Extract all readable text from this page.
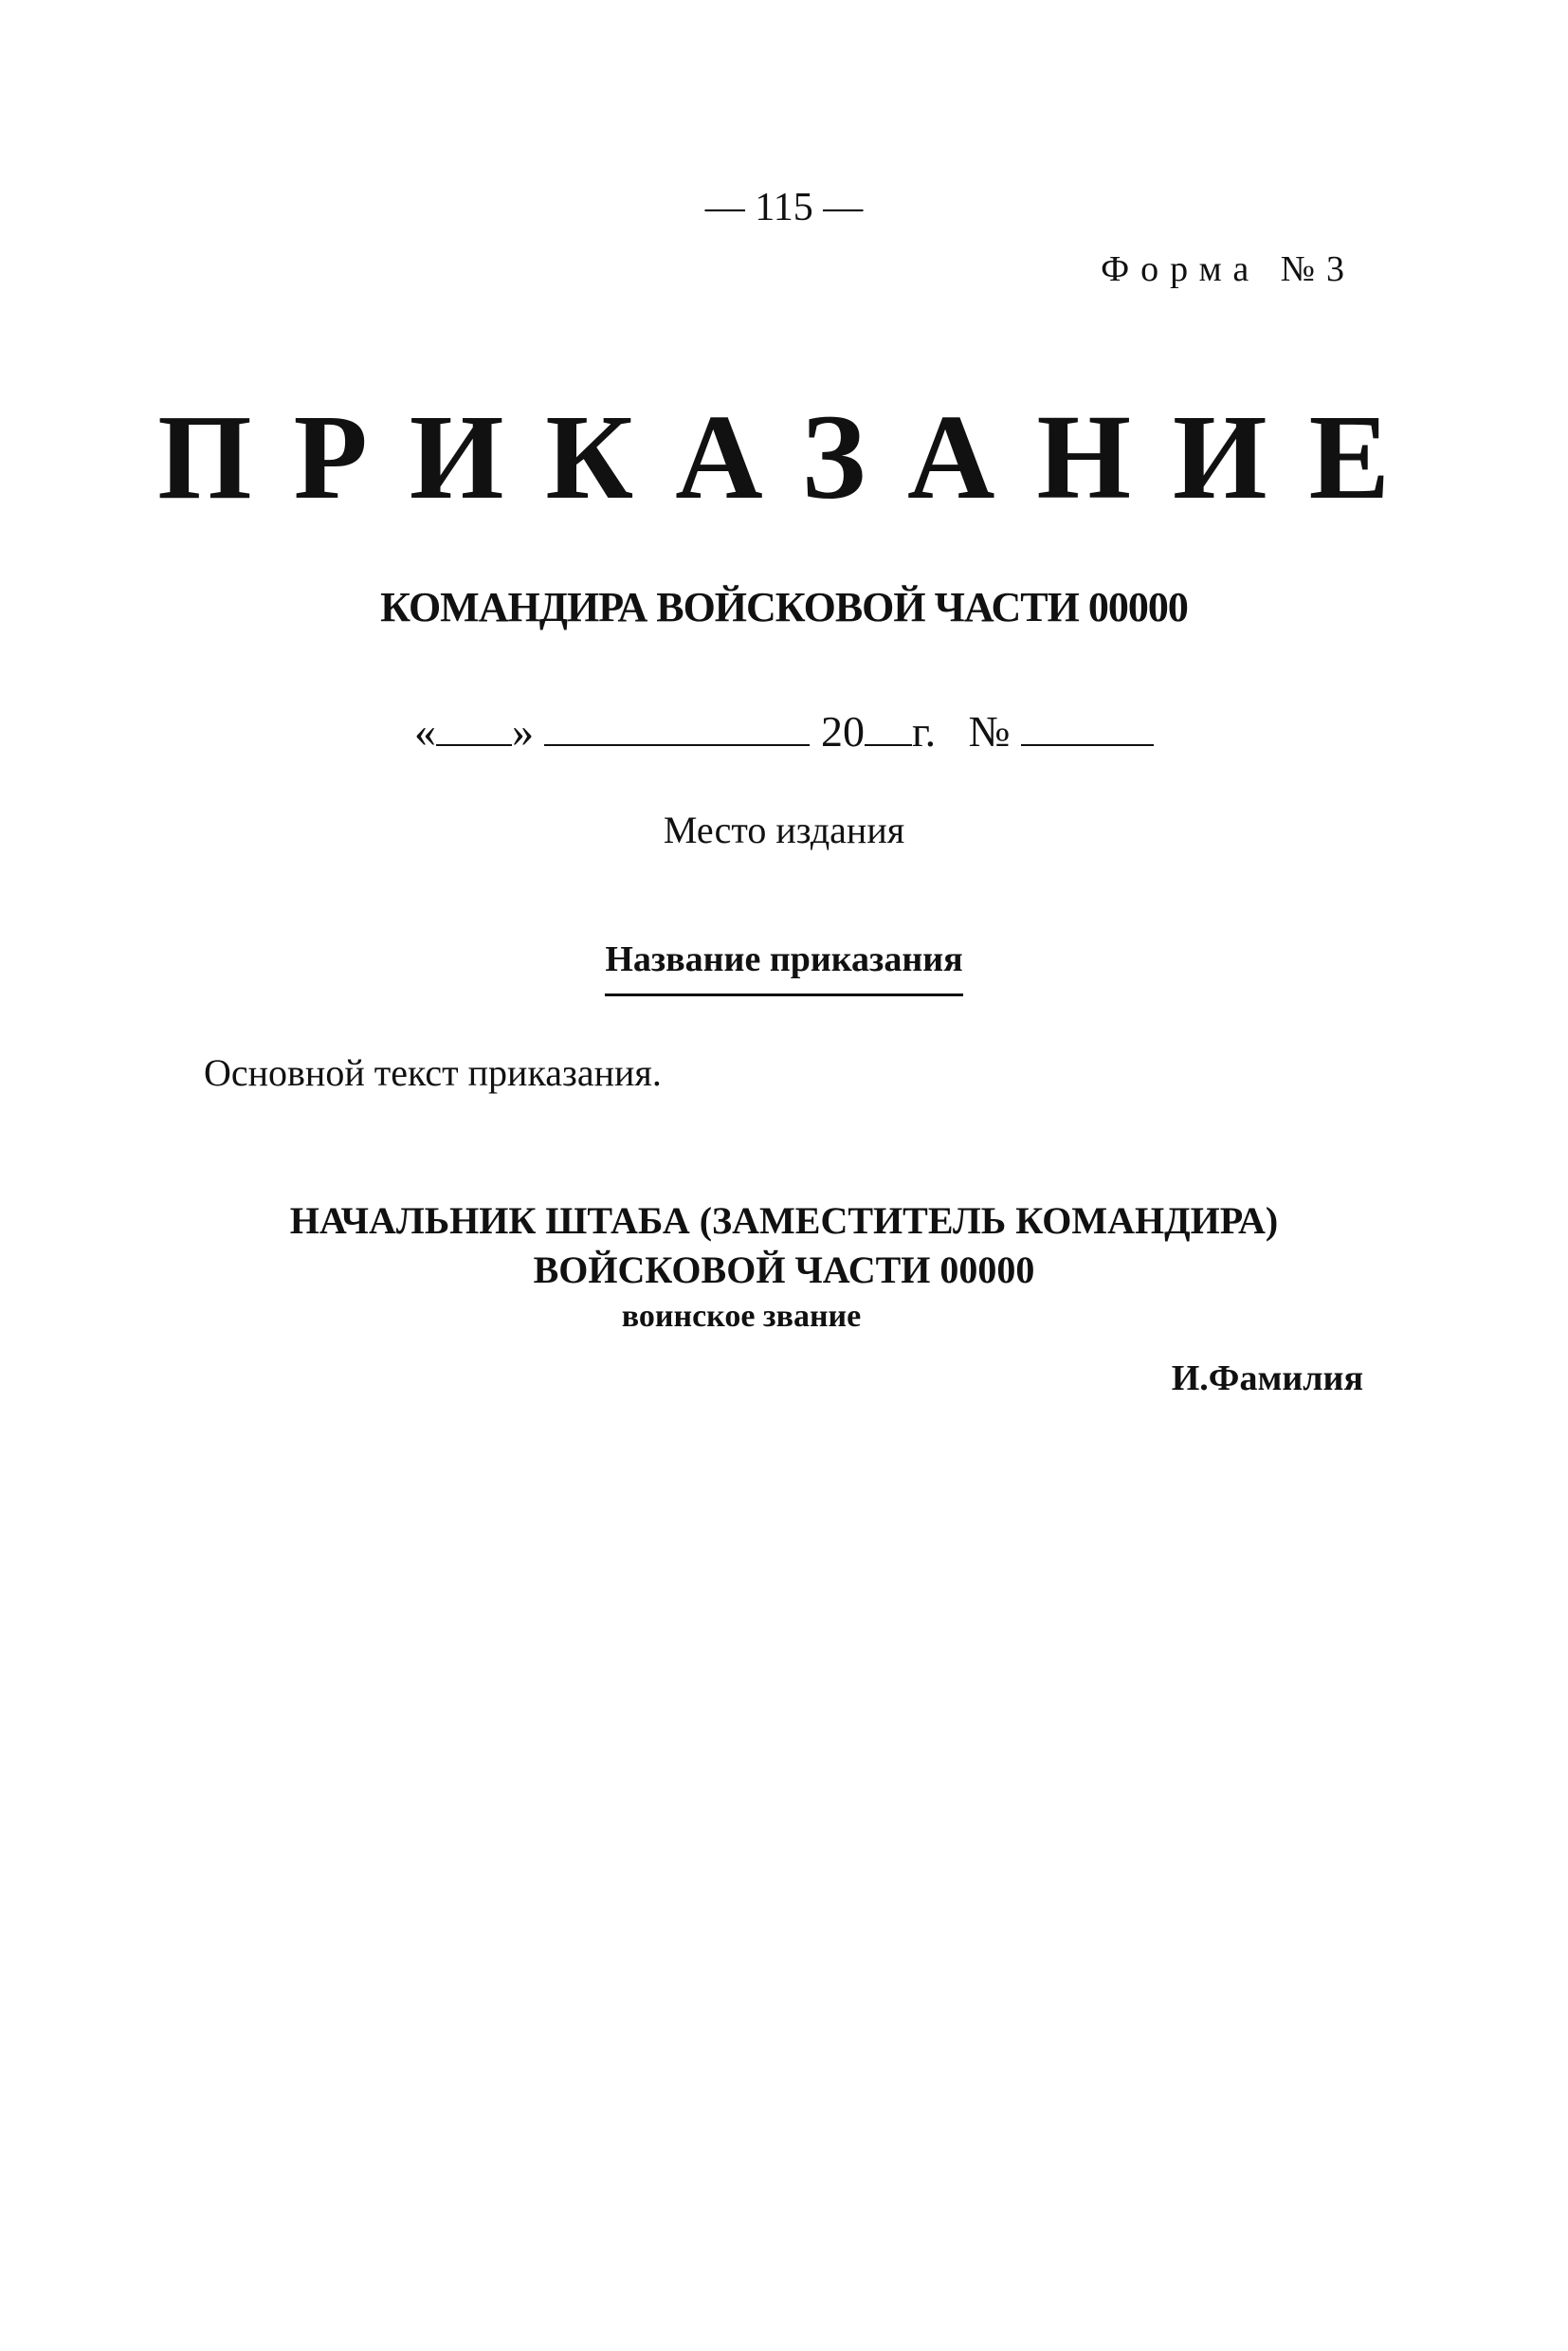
— 115 —
Форма №3
ПРИКАЗАНИЕ
КОМАНДИРА ВОЙСКОВОЙ ЧАСТИ 00000
« »	20 г. №
Место издания
Название приказания
Основной текст приказания.
НАЧАЛЬНИК ШТАБА (ЗАМЕСТИТЕЛЬ КОМАНДИРА)
ВОЙСКОВОЙ ЧАСТИ 00000
воинское звание
И.Фамилия
